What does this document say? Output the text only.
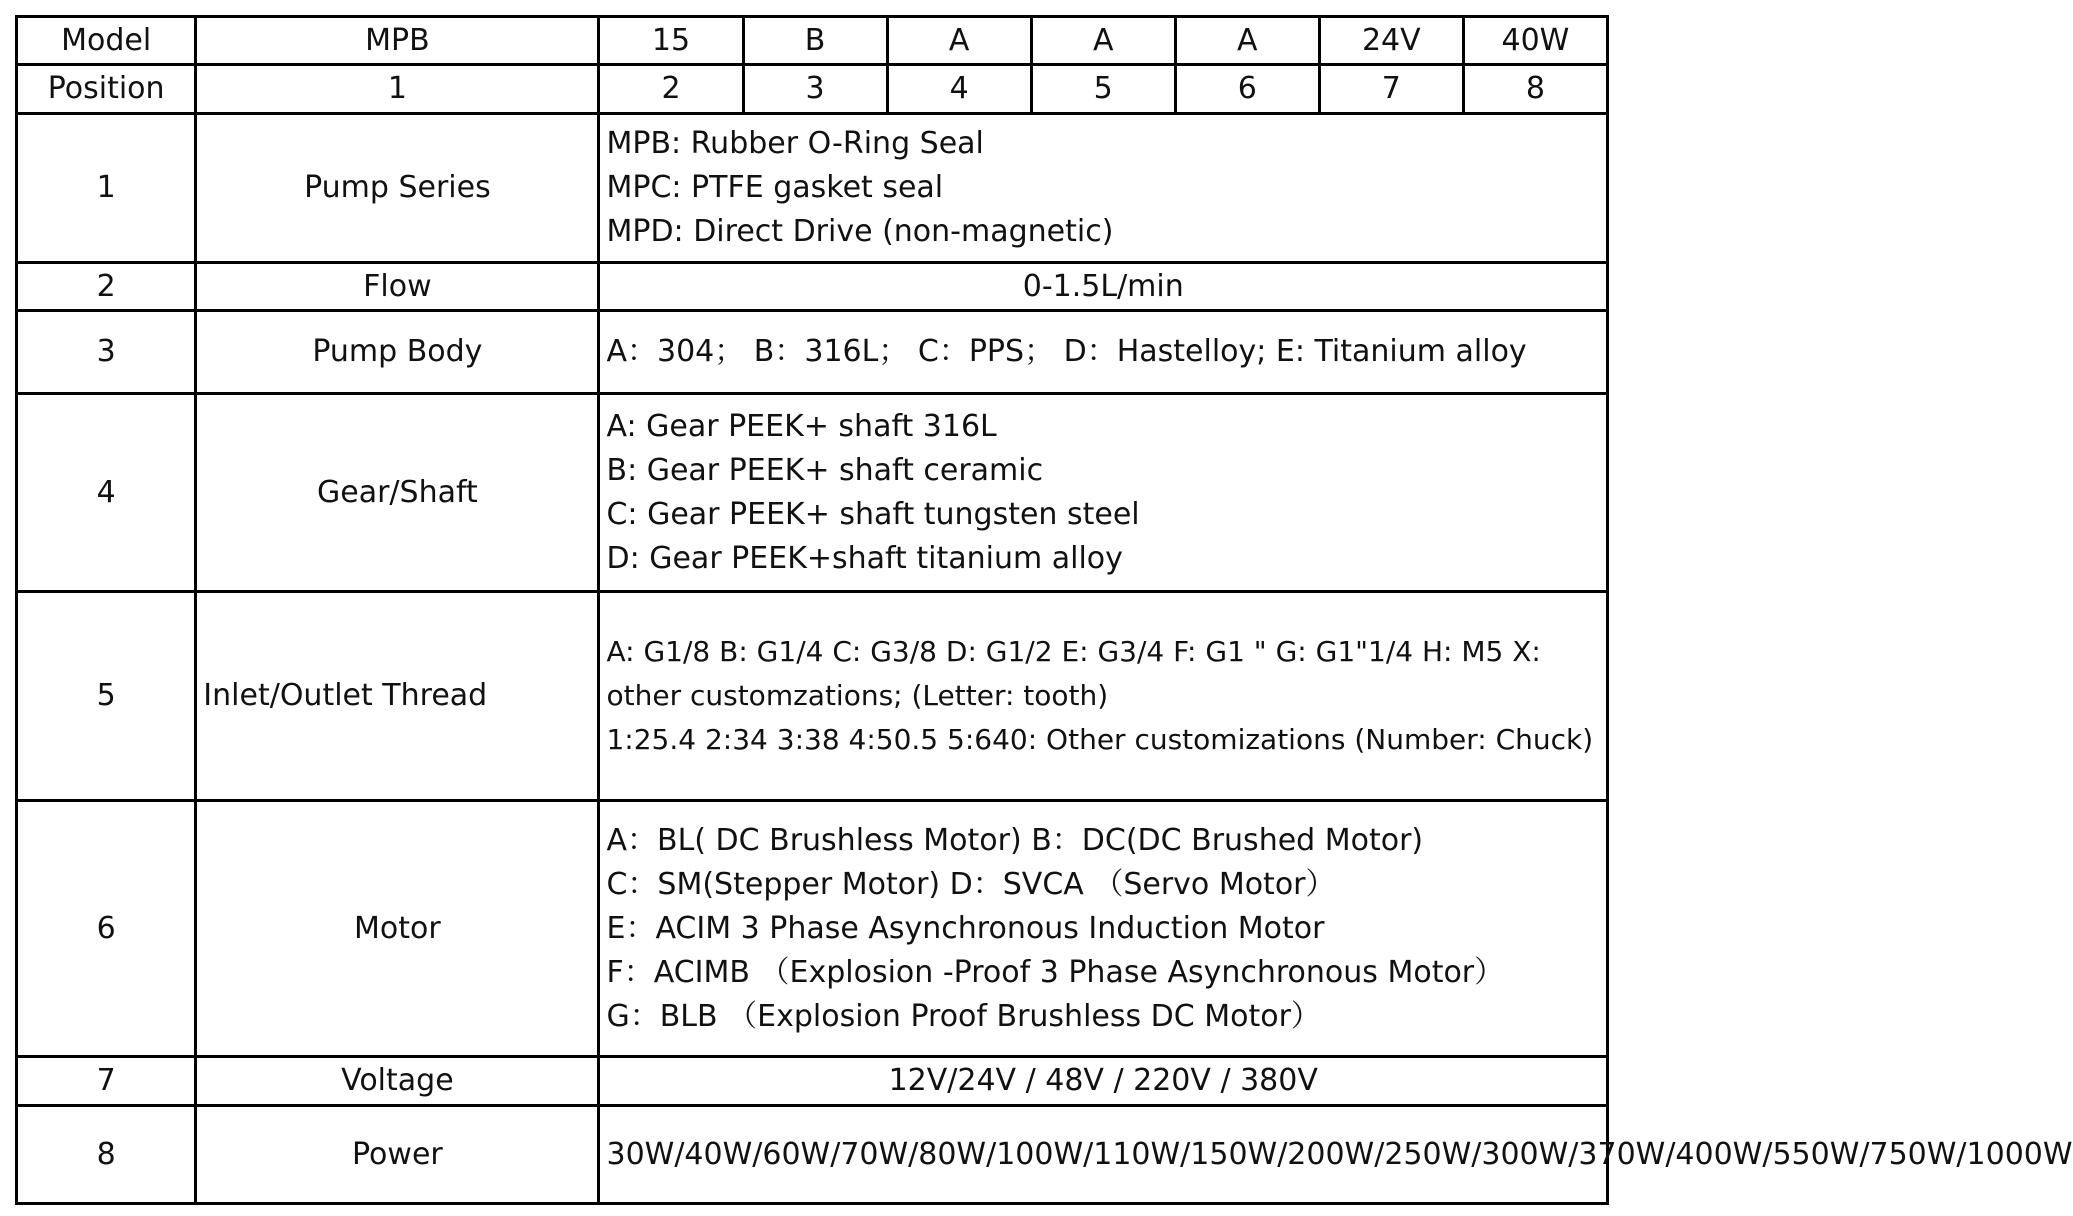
Model	MPB	15	B	A	A	A	24V	40W
Position	1	2	3	4	5	6	7	8
1	Pump Series	MPB: Rubber O-Ring Seal
MPC: PTFE gasket seal
MPD: Direct Drive (non-magnetic)						

2	Flow	0-1.5L/min						
3	Pump Body	A：304； B：316L； C：PPS； D：Hastelloy; E: Titanium alloy						
4	Gear/Shaft	A: Gear PEEK+ shaft 316L
B: Gear PEEK+ shaft ceramic
C: Gear PEEK+ shaft tungsten steel
D: Gear PEEK+shaft titanium alloy						

5	Inlet/Outlet Thread	A: G1/8 B: G1/4 C: G3/8 D: G1/2 E: G3/4 F: G1 " G: G1"1/4 H: M5 X:
other customzations; (Letter: tooth)
1:25.4 2:34 3:38 4:50.5 5:640: Other customizations (Number: Chuck)						

6	Motor	A：BL( DC Brushless Motor) B：DC(DC Brushed Motor)
C：SM(Stepper Motor) D：SVCA （Servo Motor）
E：ACIM 3 Phase Asynchronous Induction Motor
F：ACIMB （Explosion -Proof 3 Phase Asynchronous Motor）
G：BLB （Explosion Proof Brushless DC Motor）						

7	Voltage	12V/24V / 48V / 220V / 380V						
8	Power	30W/40W/60W/70W/80W/100W/110W/150W/200W/250W/300W/370W/400W/550W/750W/1000W						
